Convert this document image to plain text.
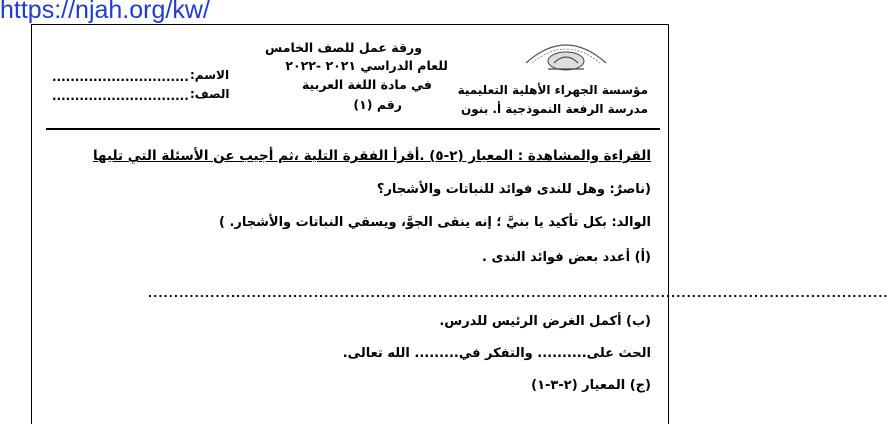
https://njah.org/kw/
مؤسسة الجهراء الأهلية التعليمية
مدرسة الرفعة النموذجية أ. بنون
ورقة عمل للصف الخامس
للعام الدراسي ٢٠٢١ -٢٠٢٢
في مادة اللغة العربية
رقم (١)
الاسم:
..............................
الصف:
..............................
القراءة والمشاهدة : المعيار (٢-٥) .أقرأ الفقرة التلية ،ثم أجيب عن الأسئلة التي تليها
(ناصرٌ: وهل للندى فوائد للنباتات والأشجار؟
الوالد: بكل تأكيد يا بنيَّ ؛ إنه ينقى الجوَّ، ويسقي النباتات والأشجار. )
(أ) أعدد بعض فوائد الندى .
...............................................................................................................................................
(ب) أكمل الغرض الرئيس للدرس.
الحث على.......... والتفكر في......... الله تعالى.
(ج) المعيار (٢-٣-١)
